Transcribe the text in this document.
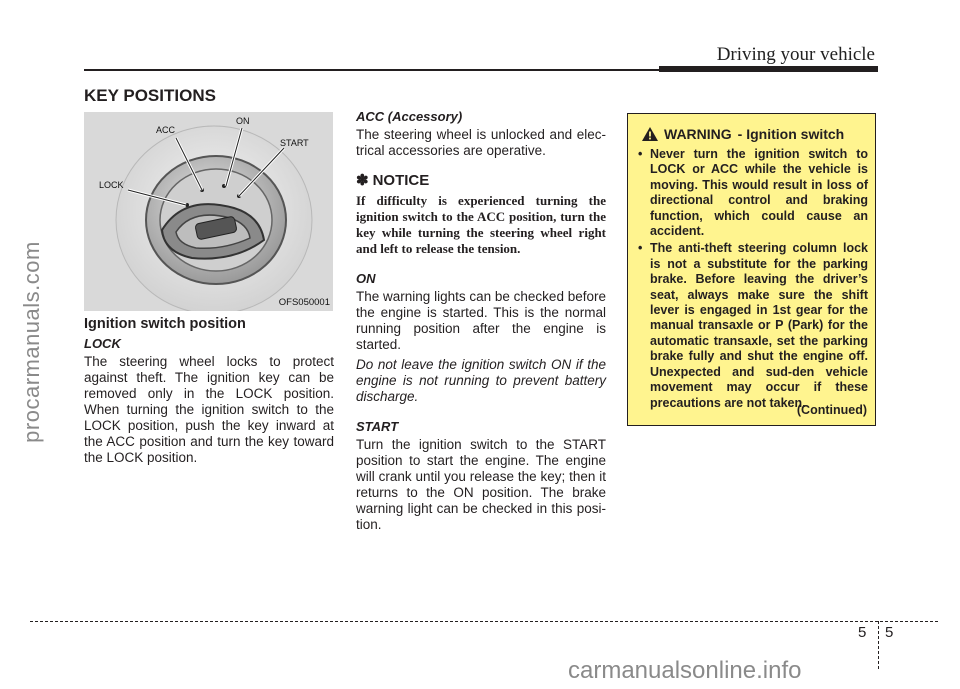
Driving your vehicle
procarmanuals.com
KEY POSITIONS
ACC
ON
START
LOCK
OFS050001
Ignition switch position
LOCK

The steering wheel locks to protect against theft. The ignition key can be removed only in the LOCK position. When turning the ignition switch to the LOCK position, push the key inward at the ACC position and turn the key toward the LOCK position.

ACC (Accessory)

The steering wheel is unlocked and elec-trical accessories are operative.

✽ NOTICE
If difficulty is experienced turning the ignition switch to the ACC position, turn the key while turning the steering wheel right and left to release the tension.
ON

The warning lights can be checked before the engine is started. This is the normal running position after the engine is started.

Do not leave the ignition switch ON if the engine is not running to prevent battery discharge.

START

Turn the ignition switch to the START position to start the engine. The engine will crank until you release the key; then it returns to the ON position. The brake warning light can be checked in this posi-tion.

WARNING - Ignition switch
• Never turn the ignition switch to LOCK or ACC while the vehicle is moving. This would result in loss of directional control and braking function, which could cause an accident.
• The anti-theft steering column lock is not a substitute for the parking brake. Before leaving the driver’s seat, always make sure the shift lever is engaged in 1st gear for the manual transaxle or P (Park) for the automatic transaxle, set the parking brake fully and shut the engine off. Unexpected and sud-den vehicle movement may occur if these precautions are not taken.
(Continued)
5 5
carmanualsonline.info
